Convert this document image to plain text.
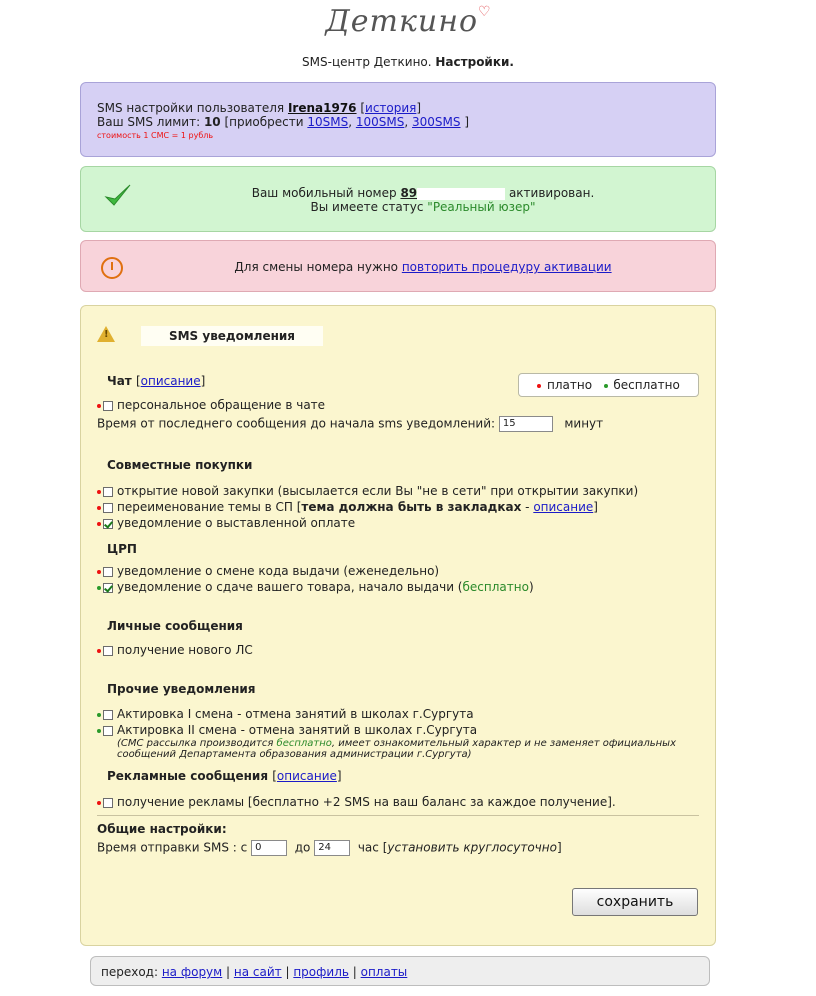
Деткино♡
SMS-центр Деткино. Настройки.
SMS настройки пользователя Irena1976 [история]
Ваш SMS лимит: 10 [приобрести 10SMS, 100SMS, 300SMS ]
стоимость 1 СМС = 1 рубль
Ваш мобильный номер 89	активирован.
Вы имеете статус "Реальный юзер"
Для смены номера нужно повторить процедуру активации
!
SMS уведомления
платно бесплатно
Чат [описание]
персональное обращение в чате
Время от последнего сообщения до начала sms уведомлений: 15	минут
Совместные покупки
открытие новой закупки (высылается если Вы "не в сети" при открытии закупки)
переименование темы в СП [тема должна быть в закладках - описание]
уведомление о выставленной оплате
ЦРП
уведомление о смене кода выдачи (еженедельно)
уведомление о сдаче вашего товара, начало выдачи (бесплатно)
Личные сообщения
получение нового ЛС
Прочие уведомления
Актировка I смена - отмена занятий в школах г.Сургута
Актировка II смена - отмена занятий в школах г.Сургута
(СМС рассылка производится бесплатно, имеет ознакомительный характер и не заменяет официальных
сообщений Департамента образования администрации г.Сургута)
Рекламные сообщения [описание]
получение рекламы [бесплатно +2 SMS на ваш баланс за каждое получение].
Общие настройки:
Время отправки SMS : с 0	до 24 час [установить круглосуточно]
сохранить
переход: на форум | на сайт | профиль | оплаты
